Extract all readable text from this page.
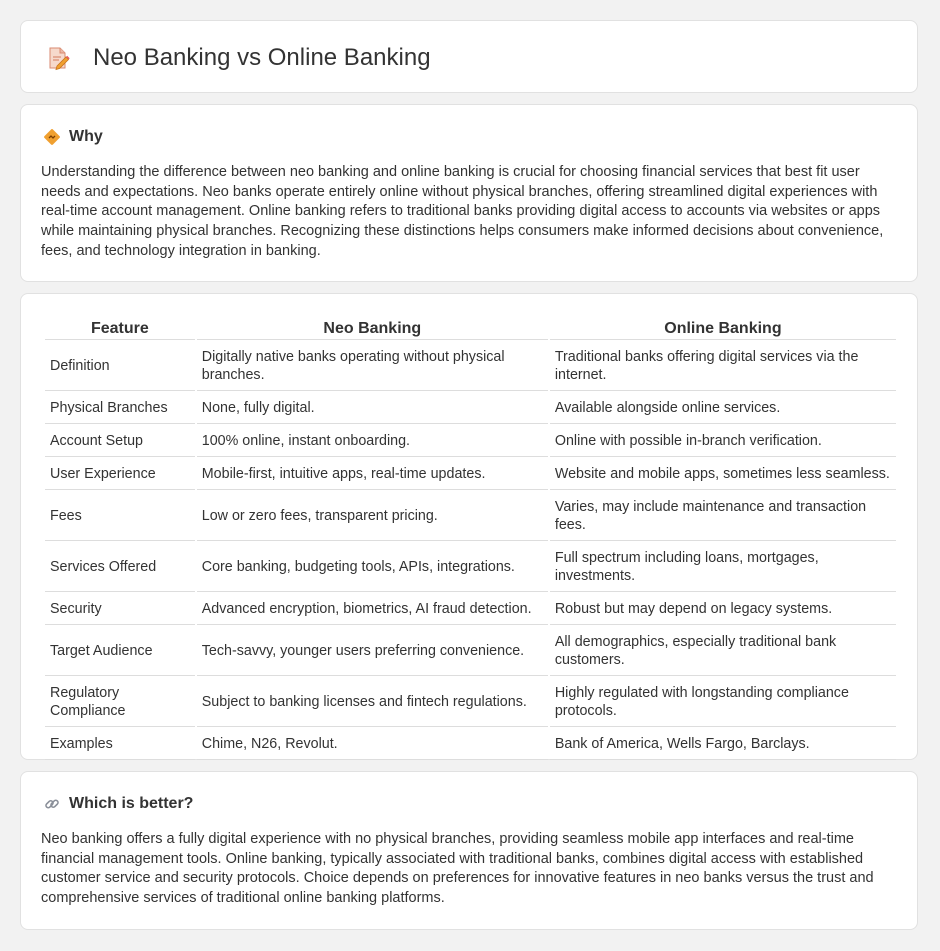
Neo Banking vs Online Banking
Why

Understanding the difference between neo banking and online banking is crucial for choosing financial services that best fit user needs and expectations. Neo banks operate entirely online without physical branches, offering streamlined digital experiences with real-time account management. Online banking refers to traditional banks providing digital access to accounts via websites or apps while maintaining physical branches. Recognizing these distinctions helps consumers make informed decisions about convenience, fees, and technology integration in banking.

Feature	Neo Banking	Online Banking
Definition	Digitally native banks operating without physical branches.	Traditional banks offering digital services via the internet.
Physical Branches	None, fully digital.	Available alongside online services.
Account Setup	100% online, instant onboarding.	Online with possible in-branch verification.
User Experience	Mobile-first, intuitive apps, real-time updates.	Website and mobile apps, sometimes less seamless.
Fees	Low or zero fees, transparent pricing.	Varies, may include maintenance and transaction fees.
Services Offered	Core banking, budgeting tools, APIs, integrations.	Full spectrum including loans, mortgages, investments.
Security	Advanced encryption, biometrics, AI fraud detection.	Robust but may depend on legacy systems.
Target Audience	Tech-savvy, younger users preferring convenience.	All demographics, especially traditional bank customers.
Regulatory Compliance	Subject to banking licenses and fintech regulations.	Highly regulated with longstanding compliance protocols.
Examples	Chime, N26, Revolut.	Bank of America, Wells Fargo, Barclays.
Which is better?

Neo banking offers a fully digital experience with no physical branches, providing seamless mobile app interfaces and real-time financial management tools. Online banking, typically associated with traditional banks, combines digital access with established customer service and security protocols. Choice depends on preferences for innovative features in neo banks versus the trust and comprehensive services of traditional online banking platforms.
